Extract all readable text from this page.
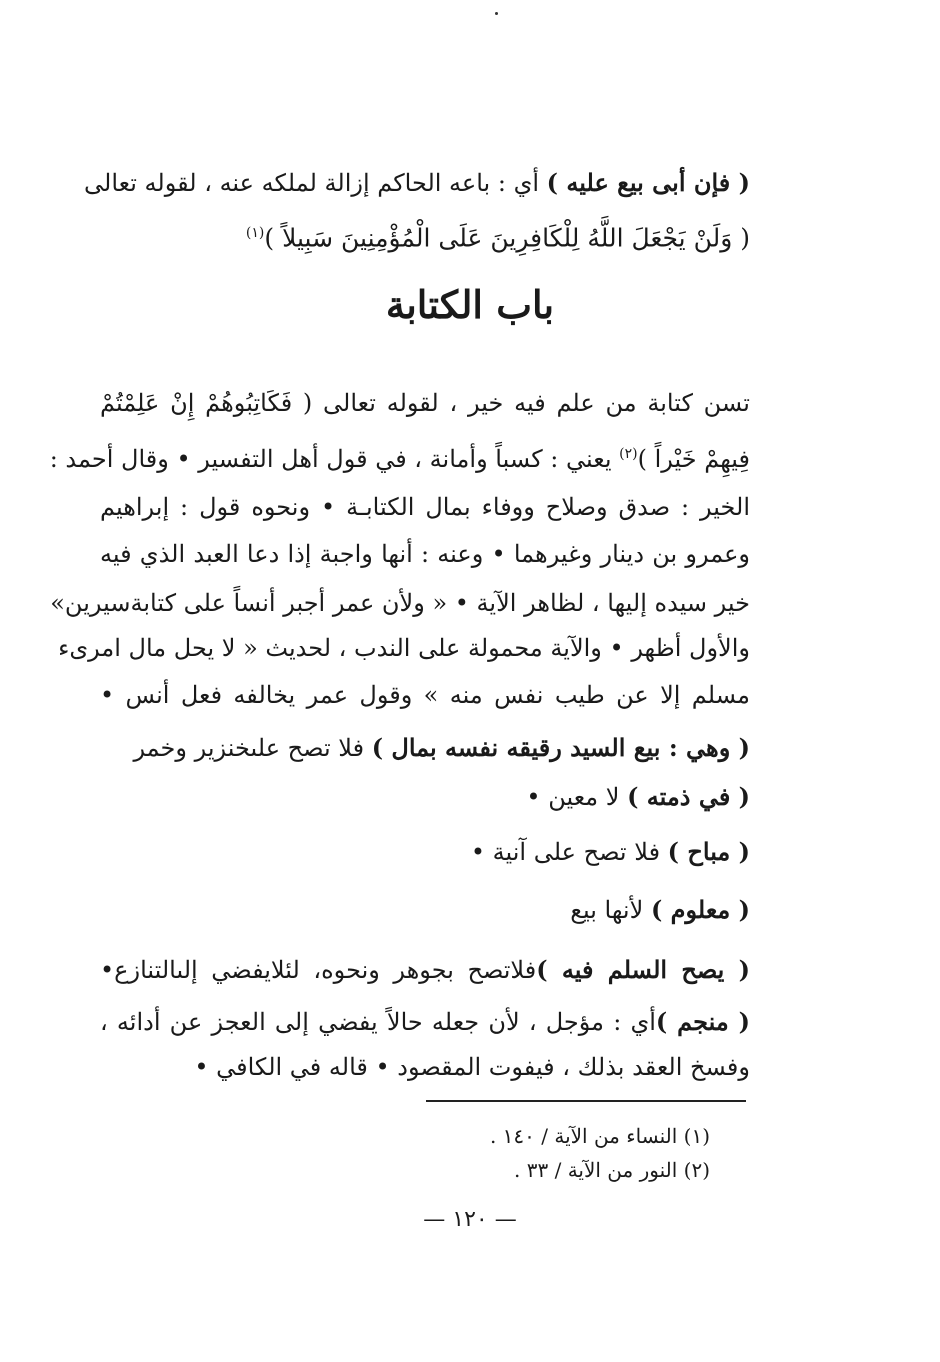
( فإن أبى بيع عليه ) أي : باعه الحاكم إزالة لملكه عنه ، لقوله تعالى
( وَلَنْ يَجْعَلَ اللَّهُ لِلْكَافِرِينَ عَلَى الْمُؤْمِنِينَ سَبِيلاً )$^{(١)}$
باب الكتابة
تسن كتابة من علم فيه خير ، لقوله تعالى ( فَكَاتِبُوهُمْ إِنْ عَلِمْتُمْ
فِيهِمْ خَيْراً )$^{(٢)}$ يعني : كسباً وأمانة ، في قول أهل التفسير • وقال أحمد :
الخير : صدق وصلاح ووفاء بمال الكتابـة • ونحوه قول : إبراهيم
وعمرو بن دينار وغيرهما • وعنه : أنها واجبة إذا دعا العبد الذي فيه
خير سيده إليها ، لظاهر الآية • « ولأن عمر أجبر أنساً على كتابةسيرين»
والأول أظهر • والآية محمولة على الندب ، لحديث « لا يحل مال امرىء
مسلم إلا عن طيب نفس منه » وقول عمر يخالفه فعل أنس •
( وهي : بيع السيد رقيقه نفسه بمال ) فلا تصح علىخنزير وخمر
( في ذمته ) لا معين •
( مباح ) فلا تصح على آنية •
( معلوم ) لأنها بيع
( يصح السلم فيه )فلاتصح بجوهر ونحوه، لئلايفضي إلىالتنازع•
( منجم )أي : مؤجل ، لأن جعله حالاً يفضي إلى العجز عن أدائه ،
وفسخ العقد بذلك ، فيفوت المقصود • قاله في الكافي •
(١) النساء من الآية / ١٤٠ .
(٢) النور من الآية / ٣٣ .
— ١٢٠ —
